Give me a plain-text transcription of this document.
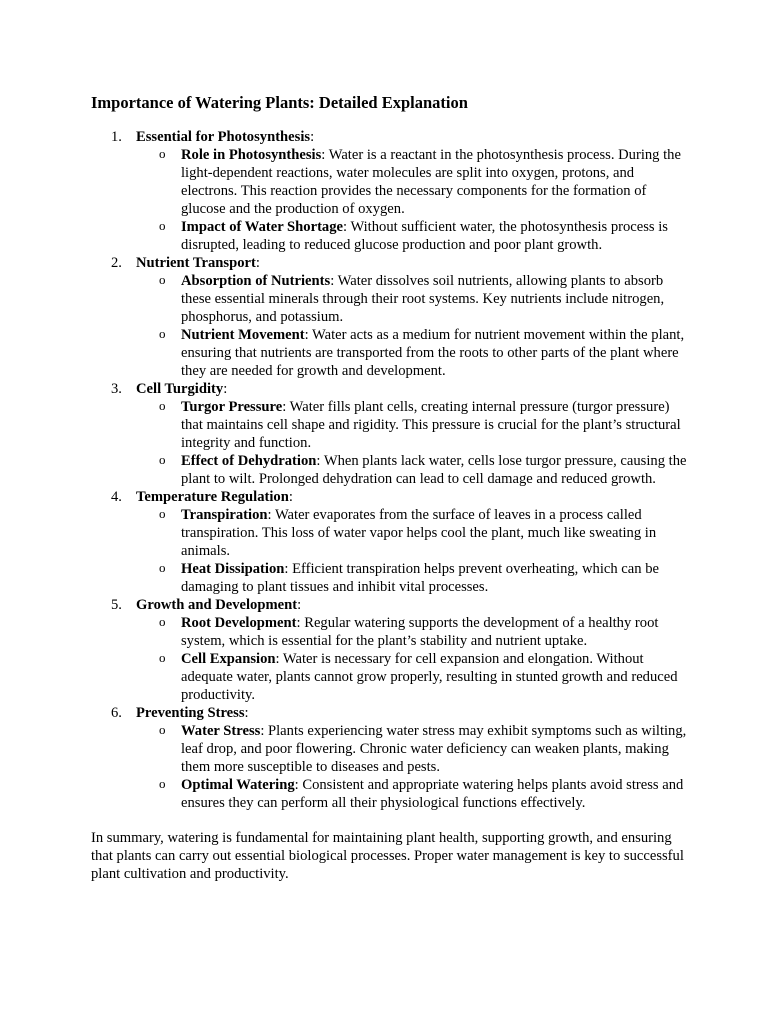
Importance of Watering Plants: Detailed Explanation
1. Essential for Photosynthesis:
o Role in Photosynthesis: Water is a reactant in the photosynthesis process. During the light-dependent reactions, water molecules are split into oxygen, protons, and electrons. This reaction provides the necessary components for the formation of glucose and the production of oxygen.
o Impact of Water Shortage: Without sufficient water, the photosynthesis process is disrupted, leading to reduced glucose production and poor plant growth.
2. Nutrient Transport:
o Absorption of Nutrients: Water dissolves soil nutrients, allowing plants to absorb these essential minerals through their root systems. Key nutrients include nitrogen, phosphorus, and potassium.
o Nutrient Movement: Water acts as a medium for nutrient movement within the plant, ensuring that nutrients are transported from the roots to other parts of the plant where they are needed for growth and development.
3. Cell Turgidity:
o Turgor Pressure: Water fills plant cells, creating internal pressure (turgor pressure) that maintains cell shape and rigidity. This pressure is crucial for the plant’s structural integrity and function.
o Effect of Dehydration: When plants lack water, cells lose turgor pressure, causing the plant to wilt. Prolonged dehydration can lead to cell damage and reduced growth.
4. Temperature Regulation:
o Transpiration: Water evaporates from the surface of leaves in a process called transpiration. This loss of water vapor helps cool the plant, much like sweating in animals.
o Heat Dissipation: Efficient transpiration helps prevent overheating, which can be damaging to plant tissues and inhibit vital processes.
5. Growth and Development:
o Root Development: Regular watering supports the development of a healthy root system, which is essential for the plant’s stability and nutrient uptake.
o Cell Expansion: Water is necessary for cell expansion and elongation. Without adequate water, plants cannot grow properly, resulting in stunted growth and reduced productivity.
6. Preventing Stress:
o Water Stress: Plants experiencing water stress may exhibit symptoms such as wilting, leaf drop, and poor flowering. Chronic water deficiency can weaken plants, making them more susceptible to diseases and pests.
o Optimal Watering: Consistent and appropriate watering helps plants avoid stress and ensures they can perform all their physiological functions effectively.

In summary, watering is fundamental for maintaining plant health, supporting growth, and ensuring that plants can carry out essential biological processes. Proper water management is key to successful plant cultivation and productivity.
